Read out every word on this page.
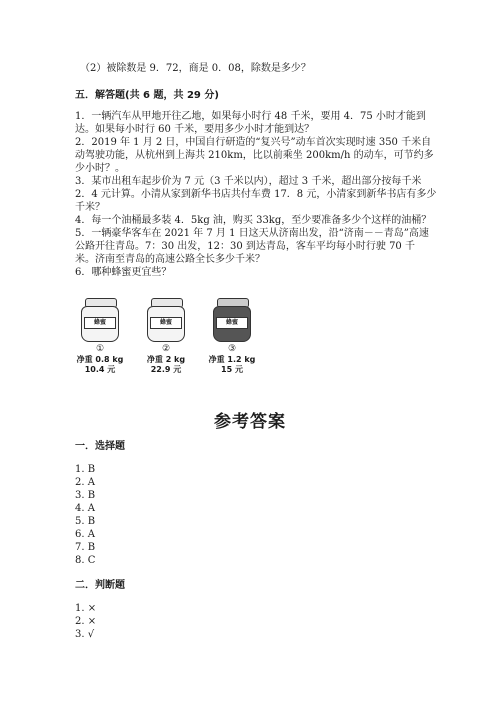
（2）被除数是 9．72，商是 0．08，除数是多少？
五．解答题(共 6 题，共 29 分)
1．一辆汽车从甲地开往乙地，如果每小时行 48 千米，要用 4．75 小时才能到
达。如果每小时行 60 千米，要用多少小时才能到达？
2．2019 年 1 月 2 日，中国自行研造的“复兴号”动车首次实现时速 350 千米自
动驾驶功能，从杭州到上海共 210km，比以前乘坐 200km/h 的动车，可节约多
少小时？。
3．某市出租车起步价为 7 元（3 千米以内），超过 3 千米，超出部分按每千米
2．4 元计算。小清从家到新华书店共付车费 17．8 元，小清家到新华书店有多少
千米？
4．每一个油桶最多装 4．5kg 油，购买 33kg，至少要准备多少个这样的油桶？
5．一辆豪华客车在 2021 年 7 月 1 日这天从济南出发，沿“济南－－青岛”高速
公路开往青岛。7：30 出发，12：30 到达青岛，客车平均每小时行驶 70 千
米。济南至青岛的高速公路全长多少千米？
6．哪种蜂蜜更宜些？
蜂蜜
①
净重 0.8 kg
10.4 元
蜂蜜
②
净重 2 kg
22.9 元
蜂蜜
③
净重 1.2 kg
15 元
参考答案
一．选择题
1. B
2. A
3. B
4. A
5. B
6. A
7. B
8. C
二．判断题
1. ×
2. ×
3. √
